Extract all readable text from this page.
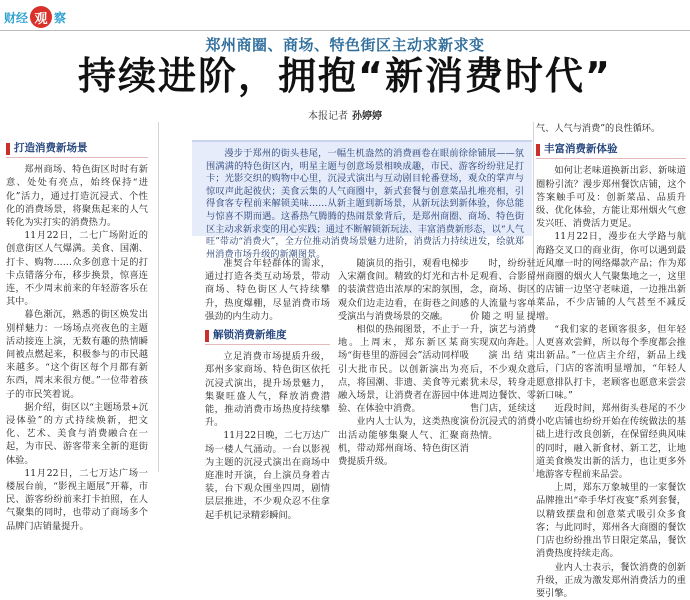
财经 观 察
郑州商圈、商场、特色街区主动求新求变
持续进阶，拥抱“新消费时代”
本报记者 孙婷婷
打造消费新场景

郑州商场、特色街区时时有新意、处处有亮点，始终保持“进化”活力，通过打造沉浸式、个性化的消费场景，将聚焦起来的人气转化为实打实的消费热力。

11月22日，二七广场附近的创意街区人气爆满。美食、国潮、打卡、购物……众多创意十足的打卡点错落分布，移步换景，惊喜连连，不少周末前来的年轻游客乐在其中。

暮色渐沉，熟悉的街区焕发出别样魅力：一场场点亮夜色的主题活动接连上演，无数有趣的热情瞬间被点燃起来，积极参与的市民越来越多。“这个街区每个月都有新东西，周末来很方便。”一位带着孩子的市民笑着说。

据介绍，街区以“主题场景+沉浸体验”的方式持续焕新，把文化、艺术、美食与消费融合在一起，为市民、游客带来全新的逛街体验。

11月22日，二七万达广场一楼展台前，“影视主题展”开幕，市民、游客纷纷前来打卡拍照，在人气聚集的同时，也带动了商场多个品牌门店销量提升。

漫步于郑州的街头巷尾，一幅生机盎然的消费画卷在眼前徐徐铺展——氛围满满的特色街区内，明星主题与创意场景相映成趣，市民、游客纷纷驻足打卡；光影交织的购物中心里，沉浸式演出与互动剧目轮番登场，观众的掌声与惊叹声此起彼伏；美食云集的人气商圈中，新式套餐与创意菜品扎堆亮相，引得食客专程前来解锁美味……从新主题到新场景，从新玩法到新体验，你总能与惊喜不期而遇。这番热气腾腾的热闹景象背后，是郑州商圈、商场、特色街区主动求新求变的用心实践；通过不断解锁新玩法、丰富消费新形态，以“人气旺”带动“消费火”，全方位推动消费场景魅力进阶，消费活力持续迸发，绘就郑州消费市场升级的新潮图景。

准契合年轻群体的需求，通过打造各类互动场景，带动商场、特色街区人气持续攀升，热度爆棚，尽显消费市场强劲的内生动力。

解锁消费新维度

立足消费市场提质升级，郑州多家商场、特色街区依托沉浸式演出，提升场景魅力，集聚旺盛人气，释放消费潜能，推动消费市场热度持续攀升。

11月22日晚，二七万达广场一楼人气涌动。一台以影视为主题的沉浸式演出在商场中庭准时开演，台上演员身着古装，台下观众围坐四周，剧情层层推进，不少观众忍不住拿起手机记录精彩瞬间。

随演员的指引，观看电梯步入宋潮食间。精致的灯光和古朴的装潢营造出浓厚的宋韵氛围，观众们边走边看，在街巷之间感受演出与消费场景的交融。

相似的热闹图景，不止于一地。上周末，郑东新区某商场“街巷里的游园会”活动同样吸引大批市民。以创新演出为亮点，将国潮、非遗、美食等元素融入场景，让消费者在游园中体验、在体验中消费。

业内人士认为，这类热度演出活动能够集聚人气、汇聚商机，带动郑州商场、特色街区消费提质升级。

时，纷纷驻足观看、合影留念，商场、街区的人流量与客单价随之明显提升，演艺与消费实现双向奔赴。

演出结束后，不少观众意犹未尽，转身走进周边餐饮、零售门店，延续这份沉浸式的消费热情。

气、人气与消费”的良性循环。
丰富消费新体验

如何让老味道换新出彩、新味道圈粉引流？漫步郑州餐饮店铺，这个答案触手可及：创新菜品、品质升级、优化体验，方能让郑州烟火气愈发兴旺、消费活力更足。

11月22日，漫步在大学路与航海路交叉口的商业街，你可以遇到最近风靡一时的网络爆款产品；作为郑州商圈的烟火人气聚集地之一，这里的店铺一边坚守老味道，一边推出新菜品，不少店铺的人气甚至不减反增。

“我们家的老顾客很多，但年轻人更喜欢尝鲜，所以每个季度都会推出新品。”一位店主介绍，新品上线后，门店的客流明显增加，“年轻人愿意排队打卡，老顾客也愿意来尝尝新口味。”

近段时间，郑州街头巷尾的不少小吃店铺也纷纷开始在传统做法的基础上进行改良创新，在保留经典风味的同时，融入新食材、新工艺，让地道美食焕发出新的活力，也让更多外地游客专程前来品尝。

上周，郑东万象城里的一家餐饮品牌推出“牵手华灯夜宴”系列套餐，以精致摆盘和创意菜式吸引众多食客；与此同时，郑州各大商圈的餐饮门店也纷纷推出节日限定菜品，餐饮消费热度持续走高。

业内人士表示，餐饮消费的创新升级，正成为激发郑州消费活力的重要引擎。
